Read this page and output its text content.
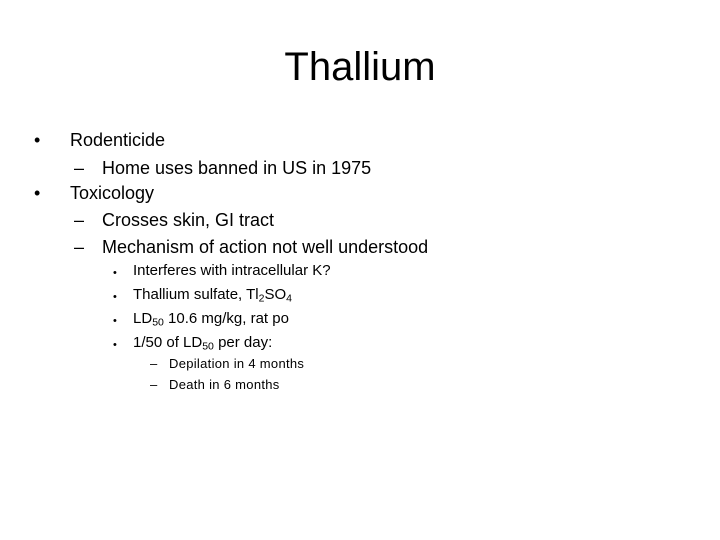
Thallium
• Rodenticide
– Home uses banned in US in 1975
• Toxicology
– Crosses skin, GI tract
– Mechanism of action not well understood
• Interferes with intracellular K?
• Thallium sulfate, $Tl_2SO_4$
• $LD_{50}$ 10.6 mg/kg, rat po
• 1/50 of $LD_{50}$ per day:
– Depilation in 4 months
– Death in 6 months
